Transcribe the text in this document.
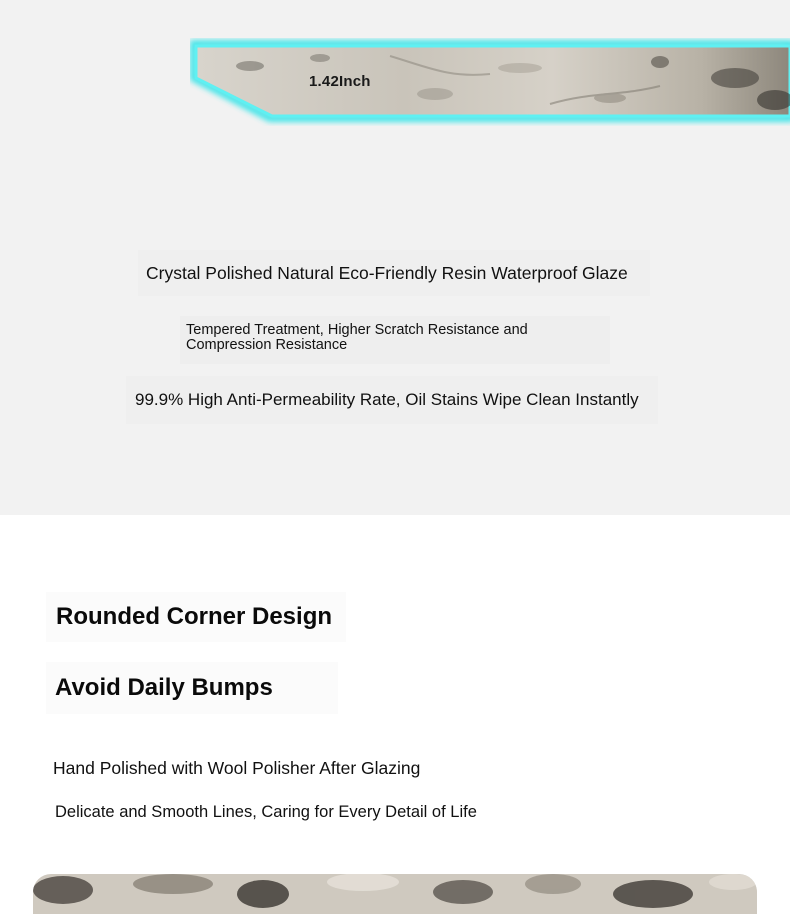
1.42Inch
Crystal Polished Natural Eco-Friendly Resin Waterproof Glaze
Tempered Treatment, Higher Scratch Resistance and Compression Resistance
99.9% High Anti-Permeability Rate, Oil Stains Wipe Clean Instantly
Rounded Corner Design
Avoid Daily Bumps
Hand Polished with Wool Polisher After Glazing
Delicate and Smooth Lines, Caring for Every Detail of Life
